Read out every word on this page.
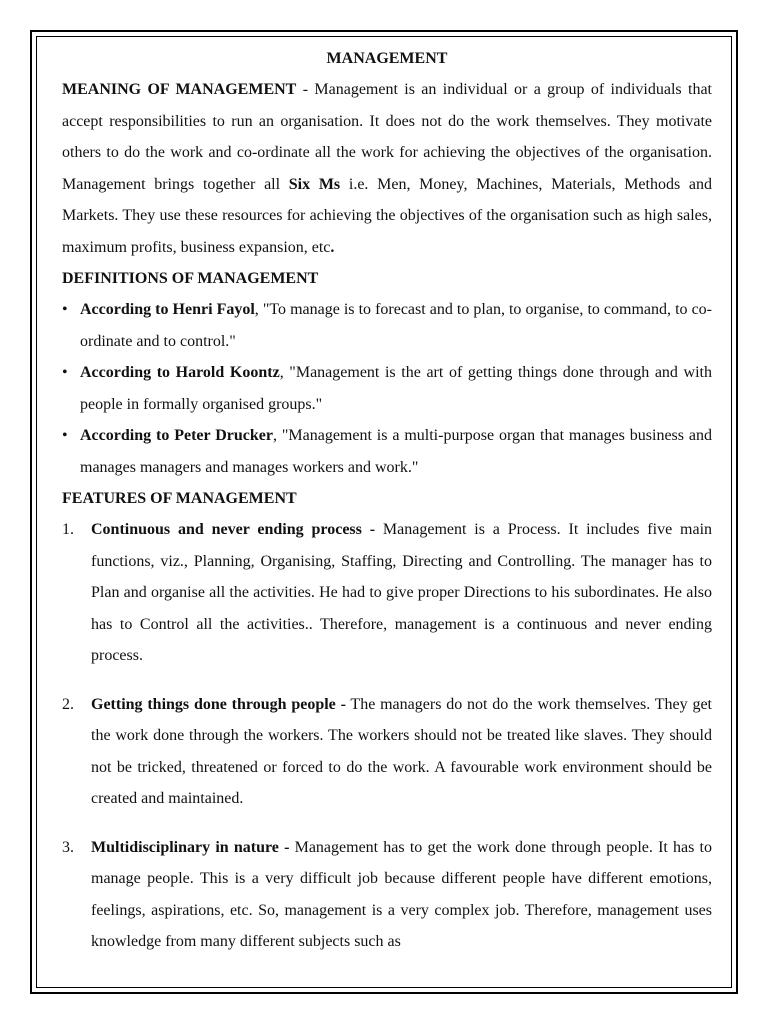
MANAGEMENT

MEANING OF MANAGEMENT - Management is an individual or a group of individuals that accept responsibilities to run an organisation. It does not do the work themselves. They motivate others to do the work and co-ordinate all the work for achieving the objectives of the organisation. Management brings together all Six Ms i.e. Men, Money, Machines, Materials, Methods and Markets. They use these resources for achieving the objectives of the organisation such as high sales, maximum profits, business expansion, etc.

DEFINITIONS OF MANAGEMENT
• According to Henri Fayol, "To manage is to forecast and to plan, to organise, to command, to co-ordinate and to control."
• According to Harold Koontz, "Management is the art of getting things done through and with people in formally organised groups."
• According to Peter Drucker, "Management is a multi-purpose organ that manages business and manages managers and manages workers and work."
FEATURES OF MANAGEMENT
1. Continuous and never ending process - Management is a Process. It includes five main functions, viz., Planning, Organising, Staffing, Directing and Controlling. The manager has to Plan and organise all the activities. He had to give proper Directions to his subordinates. He also has to Control all the activities.. Therefore, management is a continuous and never ending process.
2. Getting things done through people - The managers do not do the work themselves. They get the work done through the workers. The workers should not be treated like slaves. They should not be tricked, threatened or forced to do the work. A favourable work environment should be created and maintained.
3. Multidisciplinary in nature - Management has to get the work done through people. It has to manage people. This is a very difficult job because different people have different emotions, feelings, aspirations, etc. So, management is a very complex job. Therefore, management uses knowledge from many different subjects such as
